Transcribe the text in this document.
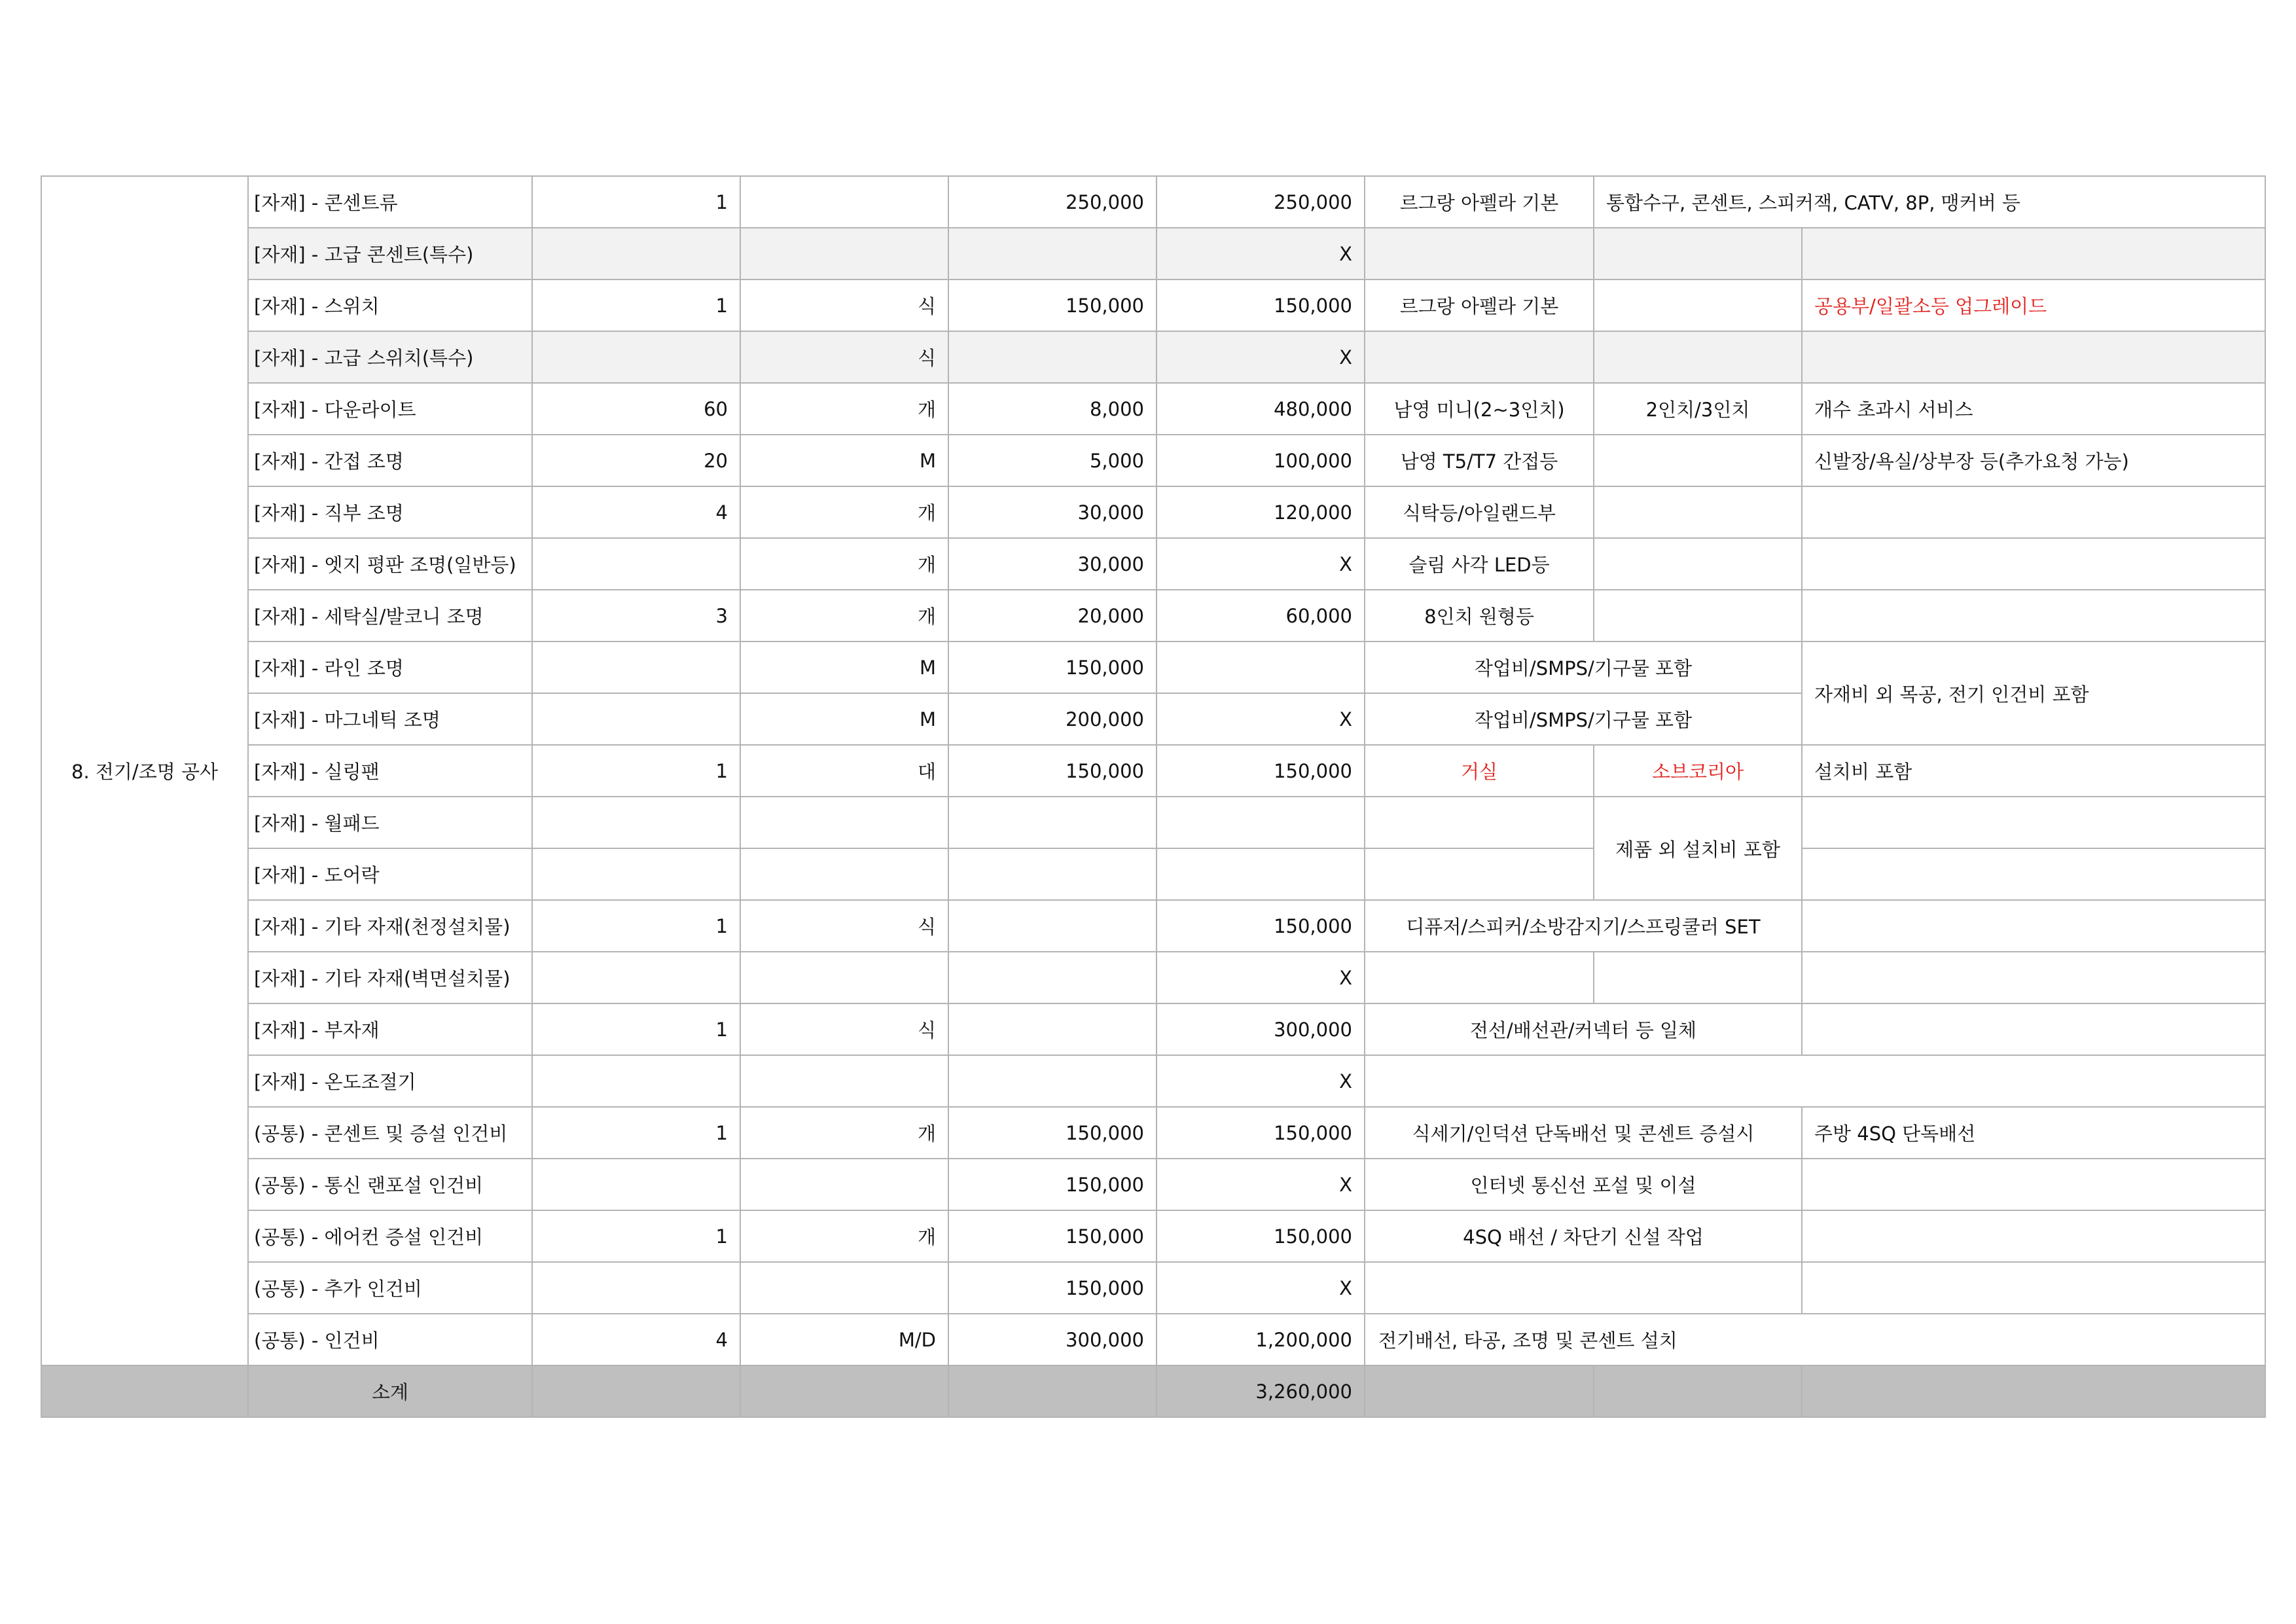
8. 전기/조명 공사	[자재] - 콘센트류	1		250,000	250,000	르그랑 아펠라 기본	통합수구, 콘센트, 스피커잭, CATV, 8P, 맹커버 등	
	[자재] - 고급 콘센트(특수)				X			
	[자재] - 스위치	1	식	150,000	150,000	르그랑 아펠라 기본		공용부/일괄소등 업그레이드
	[자재] - 고급 스위치(특수)		식		X			
	[자재] - 다운라이트	60	개	8,000	480,000	남영 미니(2~3인치)	2인치/3인치	개수 초과시 서비스
	[자재] - 간접 조명	20	M	5,000	100,000	남영 T5/T7 간접등		신발장/욕실/상부장 등(추가요청 가능)
	[자재] - 직부 조명	4	개	30,000	120,000	식탁등/아일랜드부		
	[자재] - 엣지 평판 조명(일반등)		개	30,000	X	슬림 사각 LED등		
	[자재] - 세탁실/발코니 조명	3	개	20,000	60,000	8인치 원형등		
	[자재] - 라인 조명		M	150,000		작업비/SMPS/기구물 포함		자재비 외 목공, 전기 인건비 포함
	[자재] - 마그네틱 조명		M	200,000	X	작업비/SMPS/기구물 포함		
	[자재] - 실링팬	1	대	150,000	150,000	거실	소브코리아	설치비 포함
	[자재] - 월패드						제품 외 설치비 포함	
	[자재] - 도어락							
	[자재] - 기타 자재(천정설치물)	1	식		150,000	디퓨저/스피커/소방감지기/스프링쿨러 SET		
	[자재] - 기타 자재(벽면설치물)				X			
	[자재] - 부자재	1	식		300,000	전선/배선관/커넥터 등 일체		
	[자재] - 온도조절기				X			
	(공통) - 콘센트 및 증설 인건비	1	개	150,000	150,000	식세기/인덕션 단독배선 및 콘센트 증설시		주방 4SQ 단독배선
	(공통) - 통신 랜포설 인건비			150,000	X	인터넷 통신선 포설 및 이설		
	(공통) - 에어컨 증설 인건비	1	개	150,000	150,000	4SQ 배선 / 차단기 신설 작업		
	(공통) - 추가 인건비			150,000	X			
	(공통) - 인건비	4	M/D	300,000	1,200,000	전기배선, 타공, 조명 및 콘센트 설치		
	소계				3,260,000			
